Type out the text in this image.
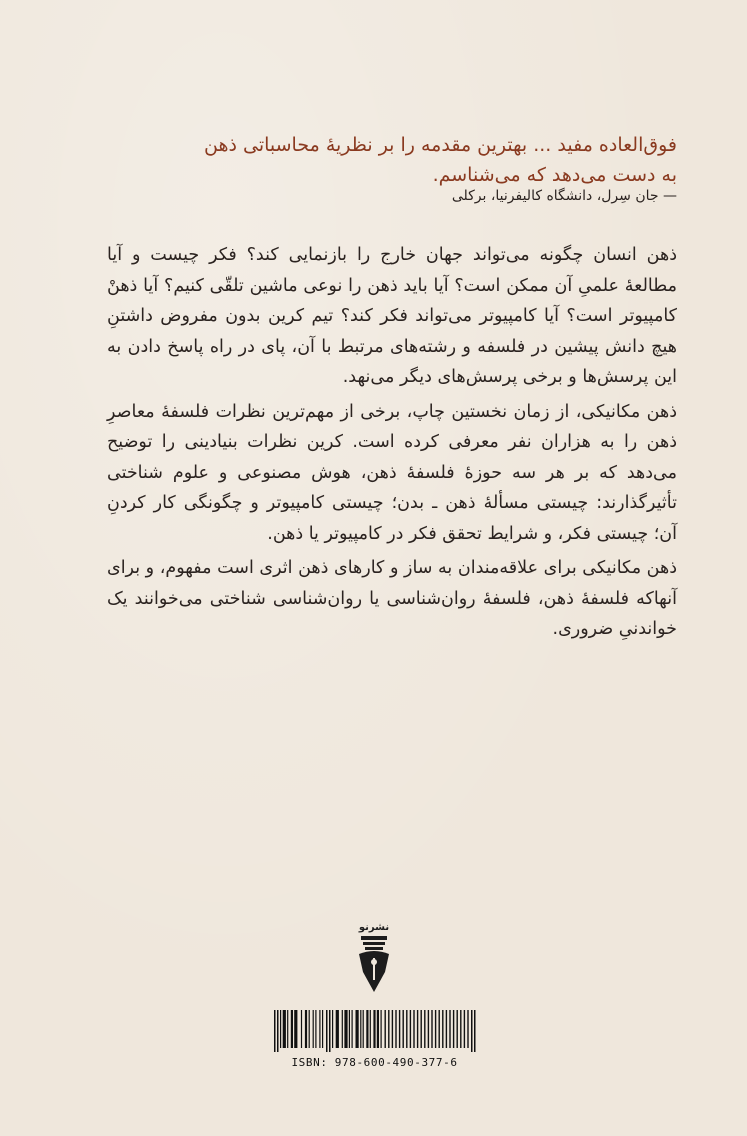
فوق‌العاده مفید ... بهترین مقدمه را بر نظریهٔ محاسباتی ذهن
به دست می‌دهد که می‌شناسم.
— جان سِرل، دانشگاه کالیفرنیا، برکلی

ذهن انسان چگونه می‌تواند جهان خارج را بازنمایی کند؟ فکر چیست و آیا مطالعهٔ علمیِ آن ممکن است؟ آیا باید ذهن را نوعی ماشین تلقّی کنیم؟ آیا ذهنْ کامپیوتر است؟ آیا کامپیوتر می‌تواند فکر کند؟ تیم کرین بدون مفروض داشتنِ هیچ دانش پیشین در فلسفه و رشته‌های مرتبط با آن، پای در راه پاسخ دادن به این پرسش‌ها و برخی پرسش‌های دیگر می‌نهد.

ذهن مکانیکی، از زمان نخستین چاپ، برخی از مهم‌ترین نظرات فلسفهٔ معاصرِ ذهن را به هزاران نفر معرفی کرده است. کرین نظرات بنیادینی را توضیح می‌دهد که بر هر سه حوزهٔ فلسفهٔ ذهن، هوش مصنوعی و علوم شناختی تأثیرگذارند: چیستی مسألهٔ ذهن ـ بدن؛ چیستی کامپیوتر و چگونگی کار کردنِ آن؛ چیستی فکر، و شرایط تحقق فکر در کامپیوتر یا ذهن.

ذهن مکانیکی برای علاقه‌مندان به ساز و کارهای ذهن اثری است مفهوم، و برای آنهاکه فلسفهٔ ذهن، فلسفهٔ روان‌شناسی یا روان‌شناسی شناختی می‌خوانند یک خواندنیِ ضروری.

نشرنو
ISBN: 978-600-490-377-6
